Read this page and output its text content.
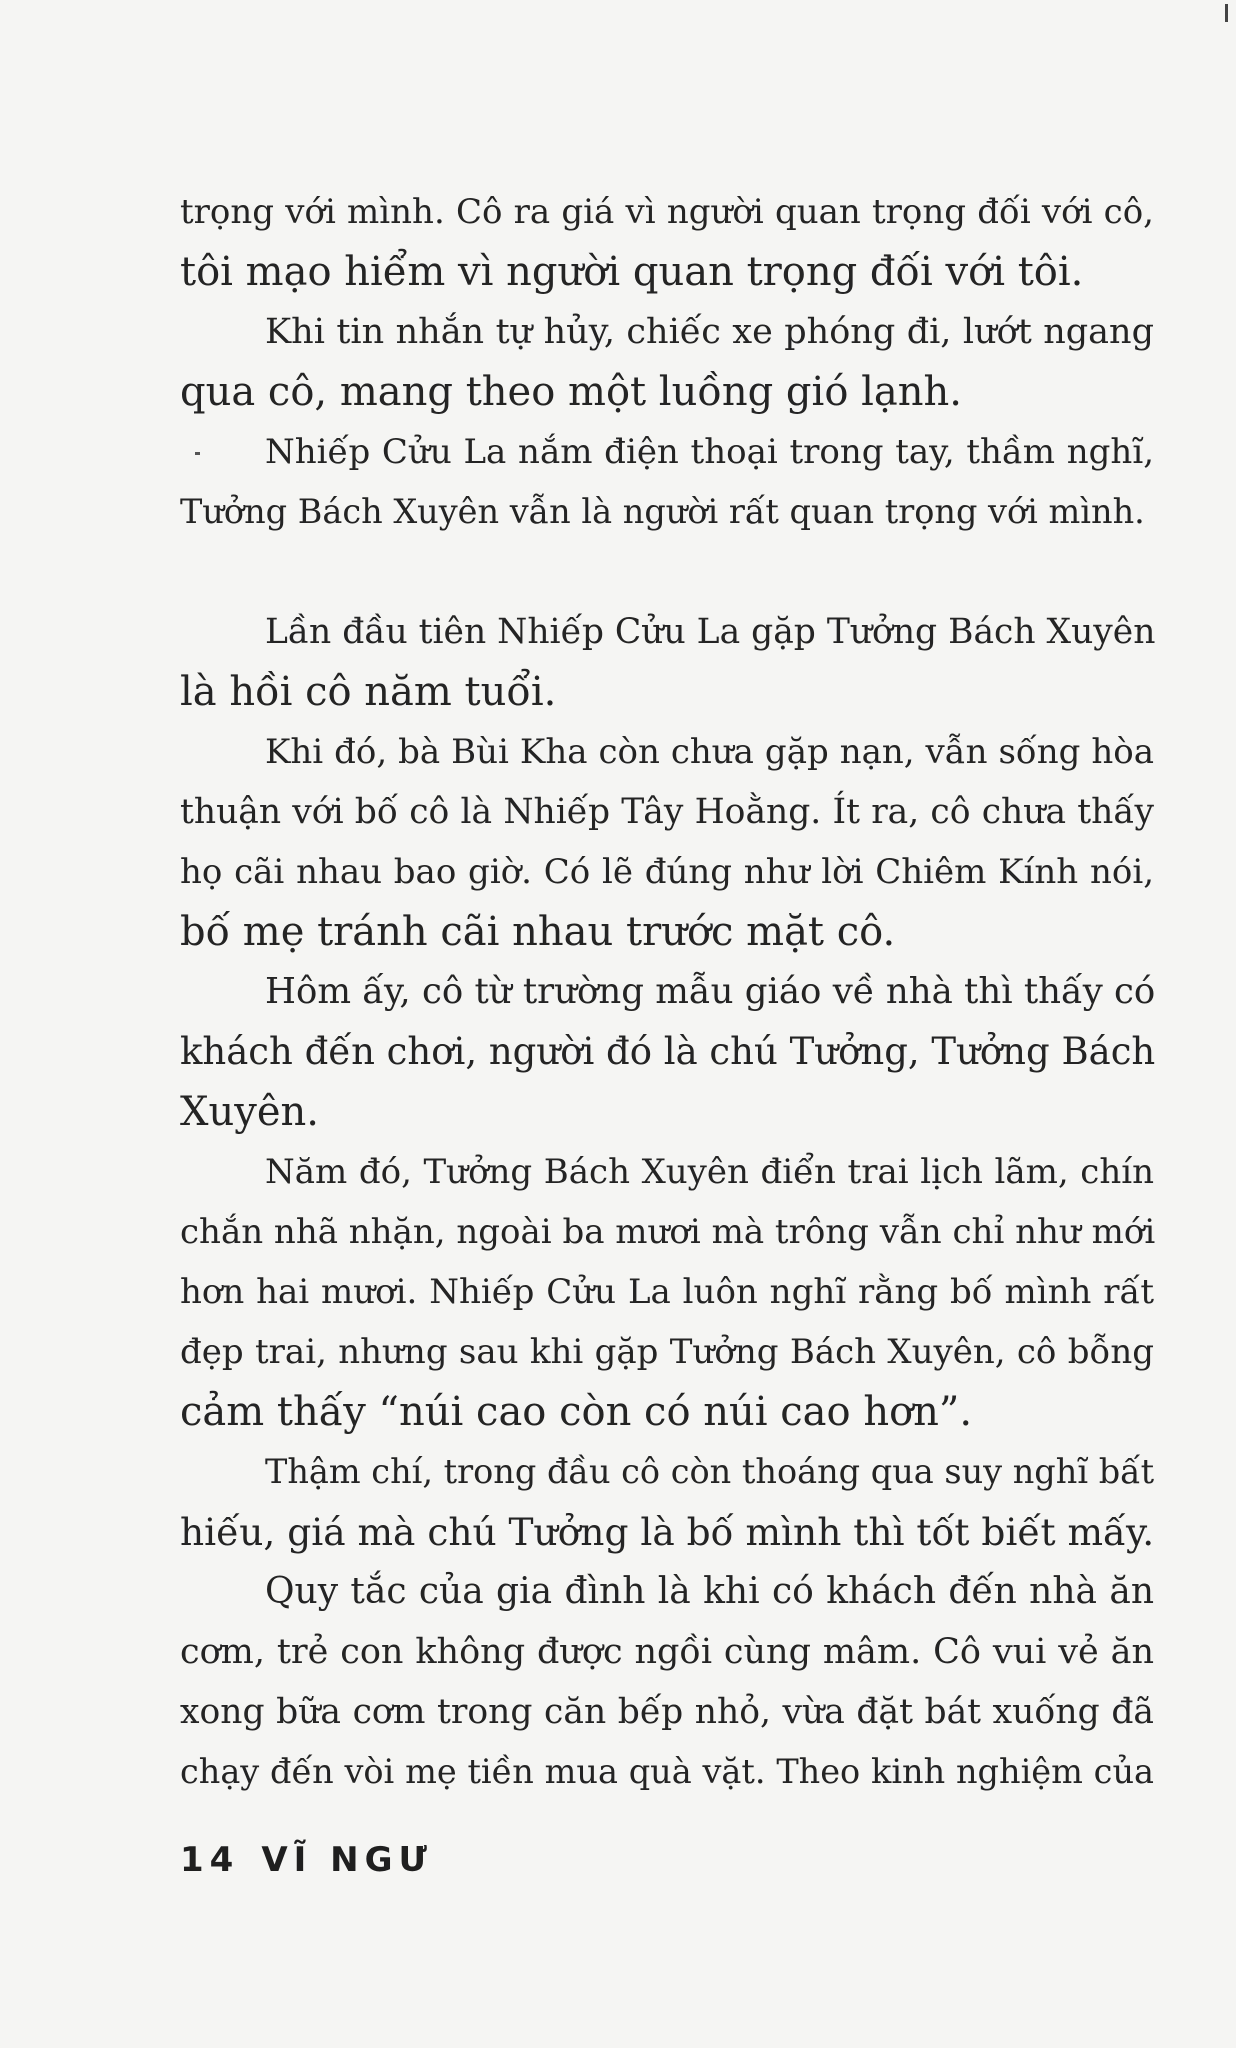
trọng với mình. Cô ra giá vì người quan trọng đối với cô,
tôi mạo hiểm vì người quan trọng đối với tôi.
Khi tin nhắn tự hủy, chiếc xe phóng đi, lướt ngang
qua cô, mang theo một luồng gió lạnh.
Nhiếp Cửu La nắm điện thoại trong tay, thầm nghĩ,
Tưởng Bách Xuyên vẫn là người rất quan trọng với mình.
Lần đầu tiên Nhiếp Cửu La gặp Tưởng Bách Xuyên
là hồi cô năm tuổi.
Khi đó, bà Bùi Kha còn chưa gặp nạn, vẫn sống hòa
thuận với bố cô là Nhiếp Tây Hoằng. Ít ra, cô chưa thấy
họ cãi nhau bao giờ. Có lẽ đúng như lời Chiêm Kính nói,
bố mẹ tránh cãi nhau trước mặt cô.
Hôm ấy, cô từ trường mẫu giáo về nhà thì thấy có
khách đến chơi, người đó là chú Tưởng, Tưởng Bách
Xuyên.
Năm đó, Tưởng Bách Xuyên điển trai lịch lãm, chín
chắn nhã nhặn, ngoài ba mươi mà trông vẫn chỉ như mới
hơn hai mươi. Nhiếp Cửu La luôn nghĩ rằng bố mình rất
đẹp trai, nhưng sau khi gặp Tưởng Bách Xuyên, cô bỗng
cảm thấy “núi cao còn có núi cao hơn”.
Thậm chí, trong đầu cô còn thoáng qua suy nghĩ bất
hiếu, giá mà chú Tưởng là bố mình thì tốt biết mấy.
Quy tắc của gia đình là khi có khách đến nhà ăn
cơm, trẻ con không được ngồi cùng mâm. Cô vui vẻ ăn
xong bữa cơm trong căn bếp nhỏ, vừa đặt bát xuống đã
chạy đến vòi mẹ tiền mua quà vặt. Theo kinh nghiệm của
14 VĨ NGƯ
